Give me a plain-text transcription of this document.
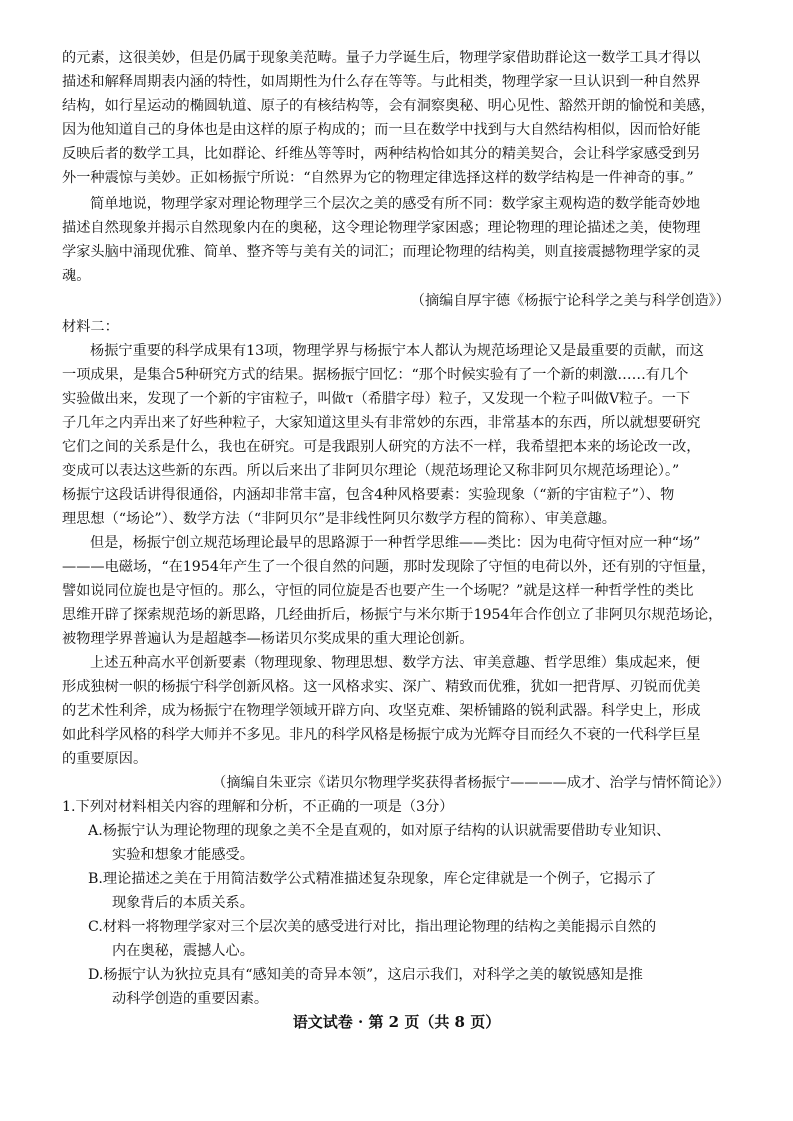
的元素，这很美妙，但是仍属于现象美范畴。量子力学诞生后，物理学家借助群论这一数学工具才得以
描述和解释周期表内涵的特性，如周期性为什么存在等等。与此相类，物理学家一旦认识到一种自然界
结构，如行星运动的椭圆轨道、原子的有核结构等，会有洞察奥秘、明心见性、豁然开朗的愉悦和美感，
因为他知道自己的身体也是由这样的原子构成的；而一旦在数学中找到与大自然结构相似，因而恰好能
反映后者的数学工具，比如群论、纤维丛等等时，两种结构恰如其分的精美契合，会让科学家感受到另
外一种震惊与美妙。正如杨振宁所说：“自然界为它的物理定律选择这样的数学结构是一件神奇的事。”
简单地说，物理学家对理论物理学三个层次之美的感受有所不同：数学家主观构造的数学能奇妙地
描述自然现象并揭示自然现象内在的奥秘，这令理论物理学家困惑；理论物理的理论描述之美，使物理
学家头脑中涌现优雅、简单、整齐等与美有关的词汇；而理论物理的结构美，则直接震撼物理学家的灵
魂。
（摘编自厚宇德《杨振宁论科学之美与科学创造》）
材料二：
杨振宁重要的科学成果有13项，物理学界与杨振宁本人都认为规范场理论又是最重要的贡献，而这
一项成果，是集合5种研究方式的结果。据杨振宁回忆：“那个时候实验有了一个新的刺激……有几个
实验做出来，发现了一个新的宇宙粒子，叫做τ（希腊字母）粒子，又发现一个粒子叫做V粒子。一下
子几年之内弄出来了好些种粒子，大家知道这里头有非常妙的东西，非常基本的东西，所以就想要研究
它们之间的关系是什么，我也在研究。可是我跟别人研究的方法不一样，我希望把本来的场论改一改，
变成可以表达这些新的东西。所以后来出了非阿贝尔理论（规范场理论又称非阿贝尔规范场理论）。”
杨振宁这段话讲得很通俗，内涵却非常丰富，包含4种风格要素：实验现象（“新的宇宙粒子”）、物
理思想（“场论”）、数学方法（“非阿贝尔”是非线性阿贝尔数学方程的简称）、审美意趣。
但是，杨振宁创立规范场理论最早的思路源于一种哲学思维——类比：因为电荷守恒对应一种“场”
———电磁场，“在1954年产生了一个很自然的问题，那时发现除了守恒的电荷以外，还有别的守恒量，
譬如说同位旋也是守恒的。那么，守恒的同位旋是否也要产生一个场呢？”就是这样一种哲学性的类比
思维开辟了探索规范场的新思路，几经曲折后，杨振宁与米尔斯于1954年合作创立了非阿贝尔规范场论，
被物理学界普遍认为是超越李—杨诺贝尔奖成果的重大理论创新。
上述五种高水平创新要素（物理现象、物理思想、数学方法、审美意趣、哲学思维）集成起来，便
形成独树一帜的杨振宁科学创新风格。这一风格求实、深广、精致而优雅，犹如一把背厚、刃锐而优美
的艺术性利斧，成为杨振宁在物理学领域开辟方向、攻坚克难、架桥铺路的锐利武器。科学史上，形成
如此科学风格的科学大师并不多见。非凡的科学风格是杨振宁成为光辉夺目而经久不衰的一代科学巨星
的重要原因。
（摘编自朱亚宗《诺贝尔物理学奖获得者杨振宁————成才、治学与情怀简论》）
1.下列对材料相关内容的理解和分析，不正确的一项是（3分）
A.杨振宁认为理论物理的现象之美不全是直观的，如对原子结构的认识就需要借助专业知识、
实验和想象才能感受。
B.理论描述之美在于用简洁数学公式精准描述复杂现象，库仑定律就是一个例子，它揭示了
现象背后的本质关系。
C.材料一将物理学家对三个层次美的感受进行对比，指出理论物理的结构之美能揭示自然的
内在奥秘，震撼人心。
D.杨振宁认为狄拉克具有“感知美的奇异本领”，这启示我们，对科学之美的敏锐感知是推
动科学创造的重要因素。
语文试卷 · 第 2 页（共 8 页）
